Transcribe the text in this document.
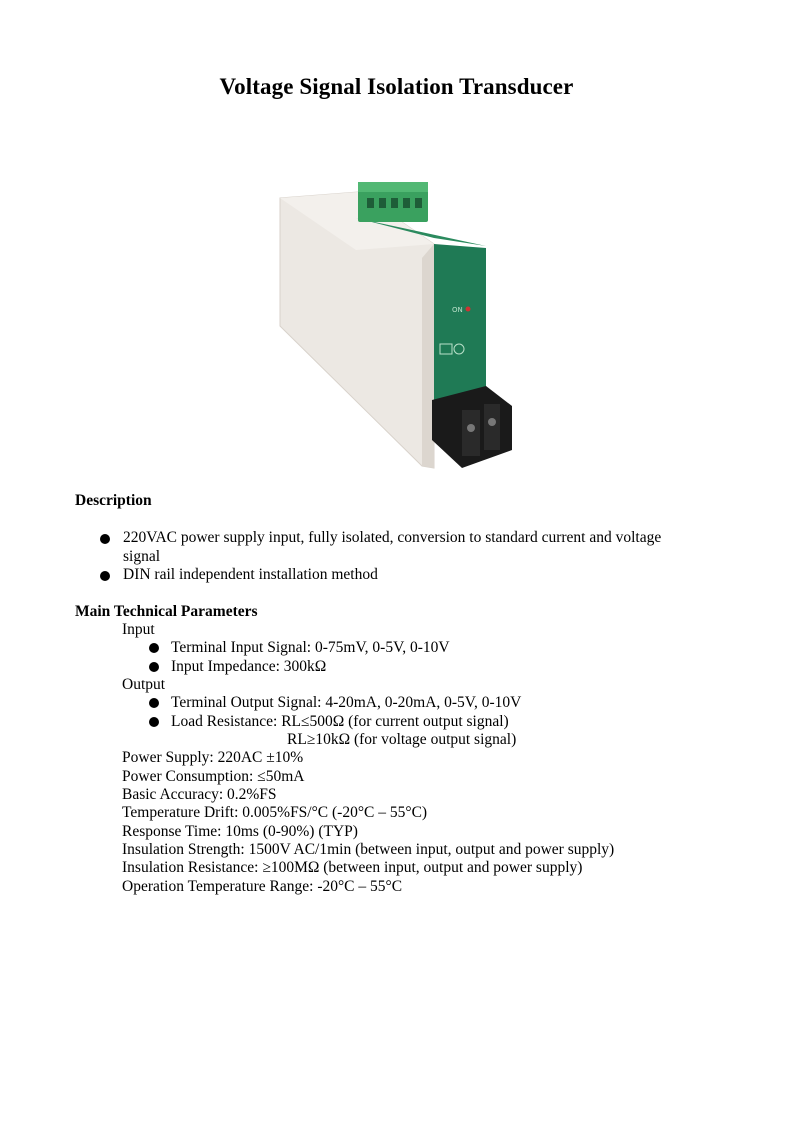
Voltage Signal Isolation Transducer
ON
Description
220VAC power supply input, fully isolated, conversion to standard current and voltage signal
DIN rail independent installation method
Main Technical Parameters
Input
Terminal Input Signal: 0-75mV, 0-5V, 0-10V
Input Impedance: 300kΩ
Output
Terminal Output Signal: 4-20mA, 0-20mA, 0-5V, 0-10V
Load Resistance: RL≤500Ω (for current output signal)
RL≥10kΩ (for voltage output signal)
Power Supply: 220AC ±10%
Power Consumption: ≤50mA
Basic Accuracy: 0.2%FS
Temperature Drift: 0.005%FS/°C (-20°C – 55°C)
Response Time: 10ms (0-90%) (TYP)
Insulation Strength: 1500V AC/1min (between input, output and power supply)
Insulation Resistance: ≥100MΩ (between input, output and power supply)
Operation Temperature Range: -20°C – 55°C
